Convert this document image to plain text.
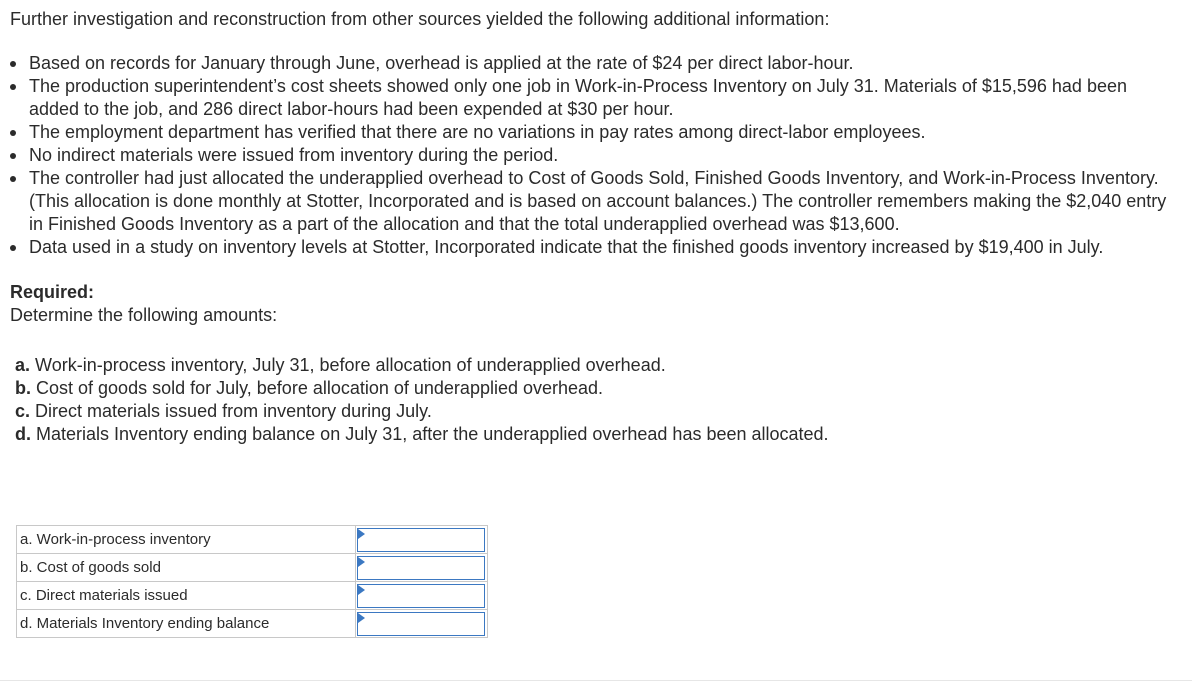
Further investigation and reconstruction from other sources yielded the following additional information:

Based on records for January through June, overhead is applied at the rate of $24 per direct labor-hour.
The production superintendent’s cost sheets showed only one job in Work-in-Process Inventory on July 31. Materials of $15,596 had been added to the job, and 286 direct labor-hours had been expended at $30 per hour.
The employment department has verified that there are no variations in pay rates among direct-labor employees.
No indirect materials were issued from inventory during the period.
The controller had just allocated the underapplied overhead to Cost of Goods Sold, Finished Goods Inventory, and Work-in-Process Inventory. (This allocation is done monthly at Stotter, Incorporated and is based on account balances.) The controller remembers making the $2,040 entry in Finished Goods Inventory as a part of the allocation and that the total underapplied overhead was $13,600.
Data used in a study on inventory levels at Stotter, Incorporated indicate that the finished goods inventory increased by $19,400 in July.

Required:

Determine the following amounts:

a. Work-in-process inventory, July 31, before allocation of underapplied overhead.
b. Cost of goods sold for July, before allocation of underapplied overhead.
c. Direct materials issued from inventory during July.
d. Materials Inventory ending balance on July 31, after the underapplied overhead has been allocated.
a. Work-in-process inventory	

b. Cost of goods sold	

c. Direct materials issued	

d. Materials Inventory ending balance	
